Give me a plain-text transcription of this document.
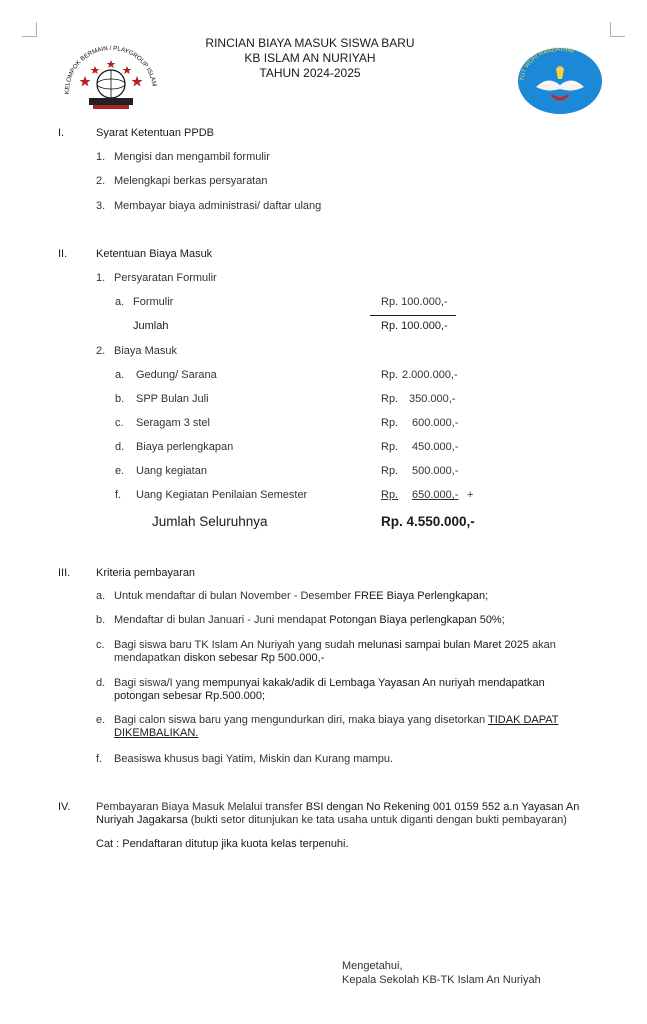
KELOMPOK BERMAIN / PLAYGROUP ISLAM
RINCIAN BIAYA MASUK SISWA BARU
KB ISLAM AN NURIYAH
TAHUN 2024-2025	TUT WURI HANDAYANI
I.	Syarat Ketentuan PPDB
1. Mengisi dan mengambil formulir
2. Melengkapi berkas persyaratan
3. Membayar biaya administrasi/ daftar ulang
II.	Ketentuan Biaya Masuk
1. Persyaratan Formulir
a. Formulir	Rp. 100.000,-
Jumlah	Rp. 100.000,-
2. Biaya Masuk
a. Gedung/ Sarana	Rp. 2.000.000,-
b. SPP Bulan Juli	Rp. 350.000,-
c. Seragam 3 stel	Rp. 600.000,-
d. Biaya perlengkapan	Rp. 450.000,-
e. Uang kegiatan	Rp. 500.000,-
f. Uang Kegiatan Penilaian Semester	Rp. 650.000,- +
Jumlah Seluruhnya	Rp. 4.550.000,-
III. Kriteria pembayaran
a. Untuk mendaftar di bulan November - Desember FREE Biaya Perlengkapan;
b. Mendaftar di bulan Januari - Juni mendapat Potongan Biaya perlengkapan 50%;
c. Bagi siswa baru TK Islam An Nuriyah yang sudah melunasi sampai bulan Maret 2025 akan mendapatkan diskon sebesar Rp 500.000,-
d. Bagi siswa/I yang mempunyai kakak/adik di Lembaga Yayasan An nuriyah mendapatkan potongan sebesar Rp.500.000;
e. Bagi calon siswa baru yang mengundurkan diri, maka biaya yang disetorkan TIDAK DAPAT DIKEMBALIKAN.
f. Beasiswa khusus bagi Yatim, Miskin dan Kurang mampu.
IV. Pembayaran Biaya Masuk Melalui transfer BSI dengan No Rekening 001 0159 552 a.n Yayasan An Nuriyah Jagakarsa (bukti setor ditunjukan ke tata usaha untuk diganti dengan bukti pembayaran)
Cat : Pendaftaran ditutup jika kuota kelas terpenuhi.
Mengetahui,
Kepala Sekolah KB-TK Islam An Nuriyah
